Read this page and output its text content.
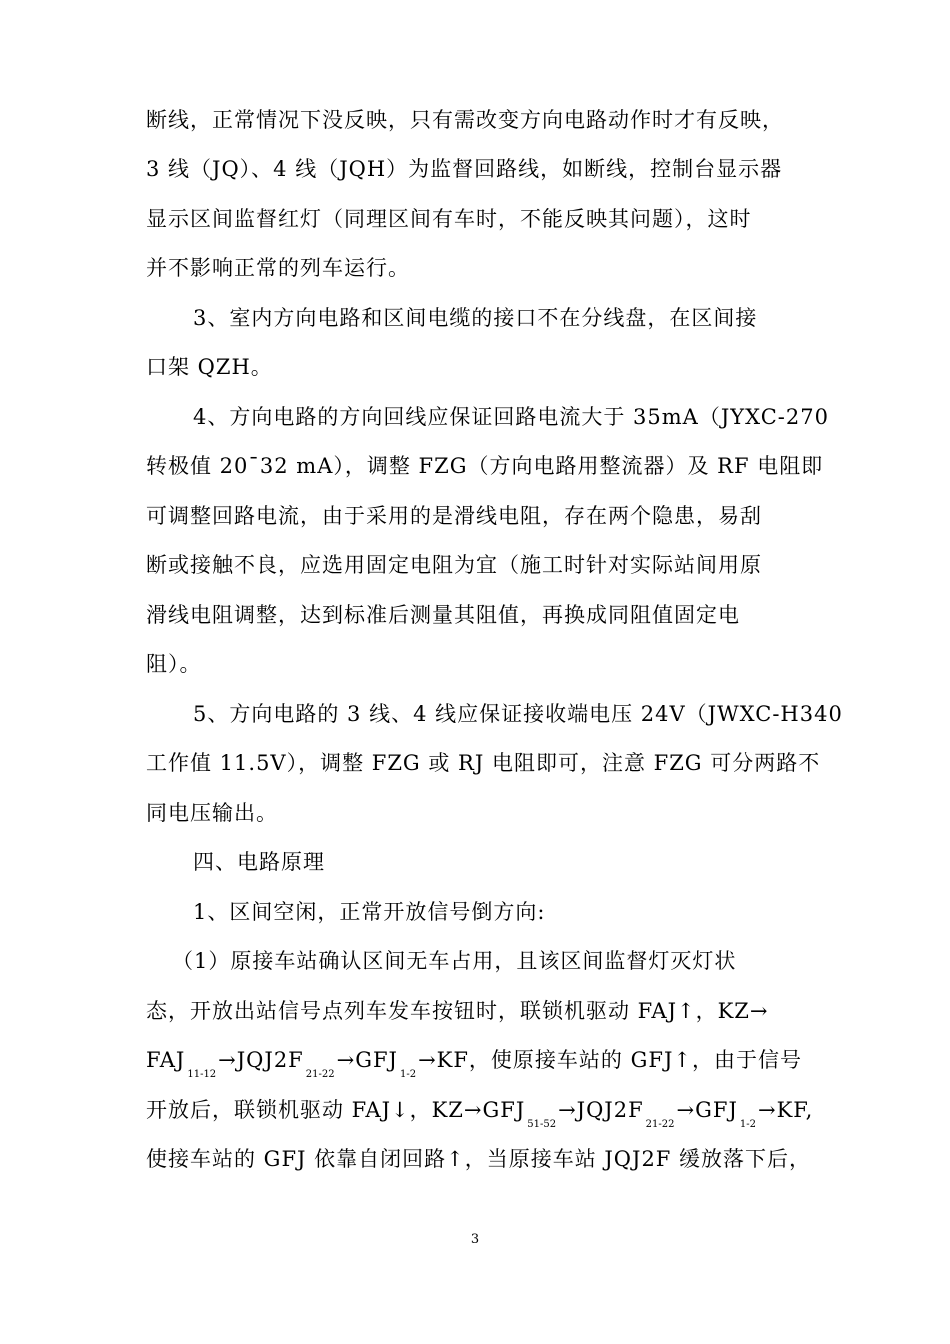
断线，正常情况下没反映，只有需改变方向电路动作时才有反映，
3 线（JQ）、4 线（JQH）为监督回路线，如断线，控制台显示器
显示区间监督红灯（同理区间有车时，不能反映其问题），这时
并不影响正常的列车运行。
3、室内方向电路和区间电缆的接口不在分线盘，在区间接
口架 QZH。
4、方向电路的方向回线应保证回路电流大于 35mA（JYXC-270
转极值 20¯32 mA），调整 FZG（方向电路用整流器）及 RF 电阻即
可调整回路电流，由于采用的是滑线电阻，存在两个隐患，易刮
断或接触不良，应选用固定电阻为宜（施工时针对实际站间用原
滑线电阻调整，达到标准后测量其阻值，再换成同阻值固定电
阻）。
5、方向电路的 3 线、4 线应保证接收端电压 24V（JWXC-H340
工作值 11.5V），调整 FZG 或 RJ 电阻即可，注意 FZG 可分两路不
同电压输出。
四、电路原理
1、区间空闲，正常开放信号倒方向:
（1）原接车站确认区间无车占用，且该区间监督灯灭灯状
态，开放出站信号点列车发车按钮时，联锁机驱动 FAJ↑，KZ→
$FAJ_{11-12}\to JQJ2F_{21-22}\to GFJ_{1-2}\to KF$，使原接车站的 GFJ↑，由于信号
开放后，联锁机驱动 FAJ↓，$KZ\to GFJ_{51-52}\to JQJ2F_{21-22}\to GFJ_{1-2}\to KF$,
使接车站的 GFJ 依靠自闭回路↑，当原接车站 JQJ2F 缓放落下后，
3
